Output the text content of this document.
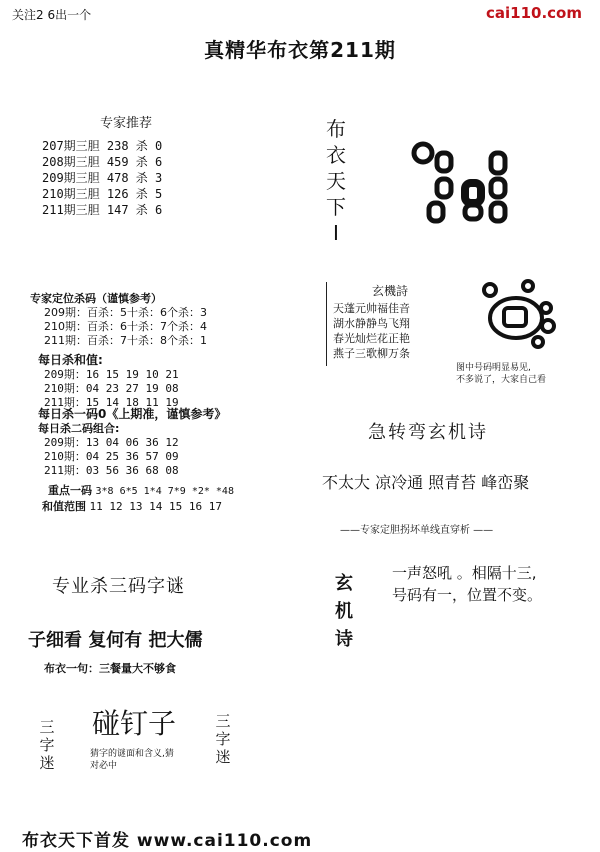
关注2 6出一个	cai110.com
真精华布衣第211期
专家推荐
207期三胆 238 杀 0
208期三胆 459 杀 6
209期三胆 478 杀 3
210期三胆 126 杀 5
211期三胆 147 杀 6
布
衣
天
下
I
专家定位杀码（谨慎参考）
209期：百杀：5十杀：6个杀：3
210期：百杀：6十杀：7个杀：4
211期：百杀：7十杀：8个杀：1
每日杀和值:
209期：16 15 19 10 21
210期：04 23 27 19 08
211期：15 14 18 11 19
每日杀一码0《上期准，谨慎参考》
每日杀二码组合:
209期：13 04 06 36 12
210期：04 25 36 57 09
211期：03 56 36 68 08
重点一码 3*8 6*5 1*4 7*9 *2* *48
和值范围 11 12 13 14 15 16 17
玄機詩
天蓬元帅福佳音
湖水静静鸟飞翔
春光灿烂花正艳
燕子三歌柳万条
图中号码明显易见,
不多说了，大家自己看
急转弯玄机诗
不太大 凉冷通 照青苔 峰峦聚
——专家定胆拐坏单线直穿析 ——
玄
机
诗
一声怒吼 。相隔十三,
号码有一，位置不变。
专业杀三码字谜
子细看 复何有 把大儒
布衣一句：三餐量大不够食
三
字
迷
碰钉子
猜字的谜面和含义,猜
对必中
三
字
迷
布衣天下首发 www.cai110.com
